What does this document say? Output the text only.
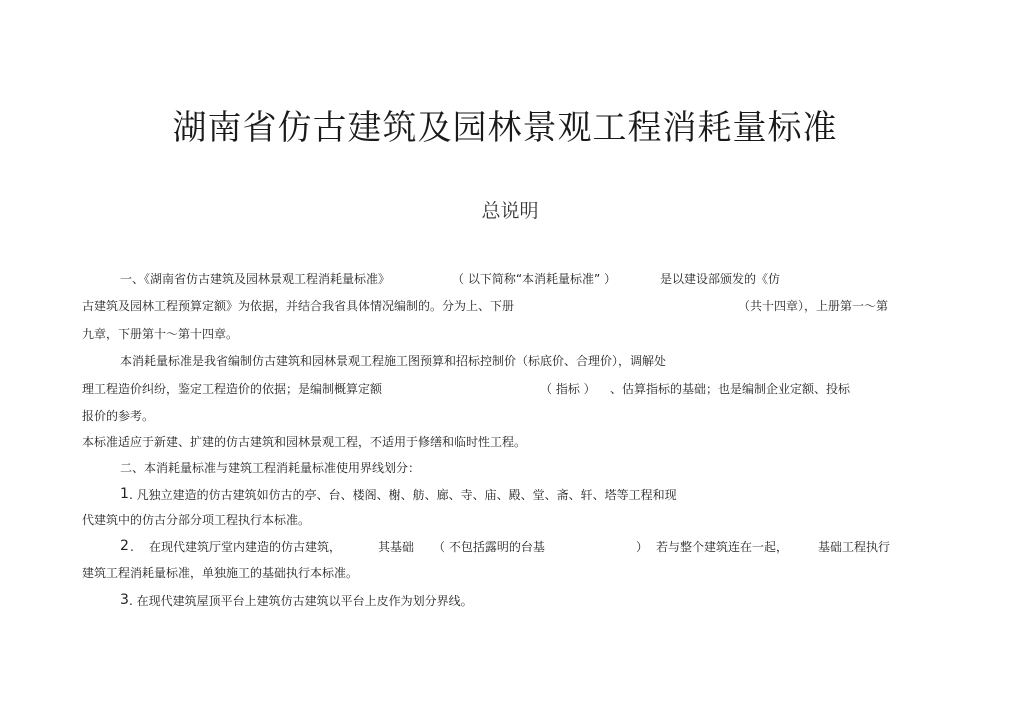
湖南省仿古建筑及园林景观工程消耗量标准
总说明
一、《湖南省仿古建筑及园林景观工程消耗量标准》	（ 以下简称“本消耗量标准” ）	是以建设部颁发的《仿
古建筑及园林工程预算定额》为依据，并结合我省具体情况编制的。分为上、下册	（共十四章），上册第一～第
九章，下册第十～第十四章。
本消耗量标准是我省编制仿古建筑和园林景观工程施工图预算和招标控制价（标底价、合理价），调解处
理工程造价纠纷，鉴定工程造价的依据；是编制概算定额	（ 指标 ） 、估算指标的基础；也是编制企业定额、投标
报价的参考。
本标准适应于新建、扩建的仿古建筑和园林景观工程，不适用于修缮和临时性工程。
二、本消耗量标准与建筑工程消耗量标准使用界线划分：
1 . 凡独立建造的仿古建筑如仿古的亭、台、楼阁、榭、舫、廊、寺、庙、殿、堂、斋、轩、塔等工程和现
代建筑中的仿古分部分项工程执行本标准。
2 . 在现代建筑厅堂内建造的仿古建筑，	其基础 （ 不包括露明的台基	） 若与整个建筑连在一起， 基础工程执行
建筑工程消耗量标准，单独施工的基础执行本标准。
3 . 在现代建筑屋顶平台上建筑仿古建筑以平台上皮作为划分界线。
